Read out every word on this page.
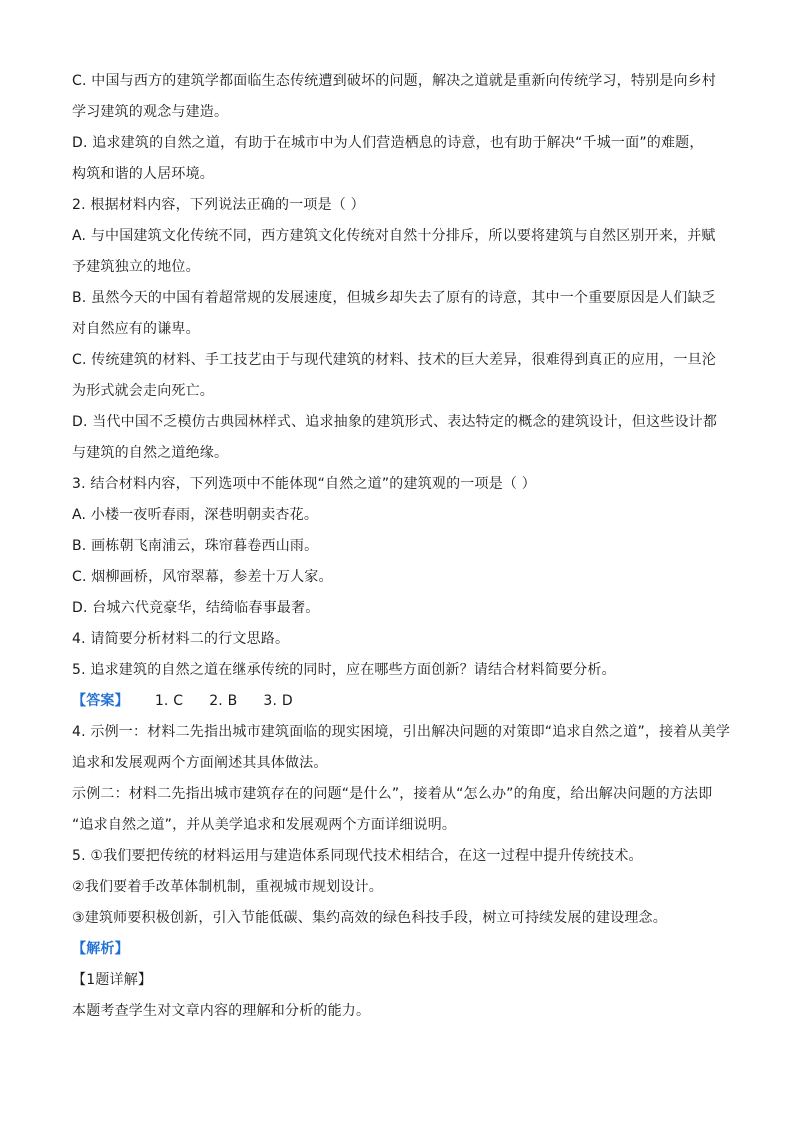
C. 中国与西方的建筑学都面临生态传统遭到破坏的问题，解决之道就是重新向传统学习，特别是向乡村
学习建筑的观念与建造。
D. 追求建筑的自然之道，有助于在城市中为人们营造栖息的诗意，也有助于解决“千城一面”的难题，
构筑和谐的人居环境。
2. 根据材料内容，下列说法正确的一项是（ ）
A. 与中国建筑文化传统不同，西方建筑文化传统对自然十分排斥，所以要将建筑与自然区别开来，并赋
予建筑独立的地位。
B. 虽然今天的中国有着超常规的发展速度，但城乡却失去了原有的诗意，其中一个重要原因是人们缺乏
对自然应有的谦卑。
C. 传统建筑的材料、手工技艺由于与现代建筑的材料、技术的巨大差异，很难得到真正的应用，一旦沦
为形式就会走向死亡。
D. 当代中国不乏模仿古典园林样式、追求抽象的建筑形式、表达特定的概念的建筑设计，但这些设计都
与建筑的自然之道绝缘。
3. 结合材料内容，下列选项中不能体现“自然之道”的建筑观的一项是（ ）
A. 小楼一夜听春雨，深巷明朝卖杏花。
B. 画栋朝飞南浦云，珠帘暮卷西山雨。
C. 烟柳画桥，风帘翠幕，参差十万人家。
D. 台城六代竞豪华，结绮临春事最奢。
4. 请简要分析材料二的行文思路。
5. 追求建筑的自然之道在继承传统的同时，应在哪些方面创新？请结合材料简要分析。
【答案】 1. C 2. B 3. D
4. 示例一：材料二先指出城市建筑面临的现实困境，引出解决问题的对策即“追求自然之道”，接着从美学
追求和发展观两个方面阐述其具体做法。
示例二：材料二先指出城市建筑存在的问题“是什么”，接着从“怎么办”的角度，给出解决问题的方法即
“追求自然之道”，并从美学追求和发展观两个方面详细说明。
5. ①我们要把传统的材料运用与建造体系同现代技术相结合，在这一过程中提升传统技术。
②我们要着手改革体制机制，重视城市规划设计。
③建筑师要积极创新，引入节能低碳、集约高效的绿色科技手段，树立可持续发展的建设理念。
【解析】
【1题详解】
本题考查学生对文章内容的理解和分析的能力。
